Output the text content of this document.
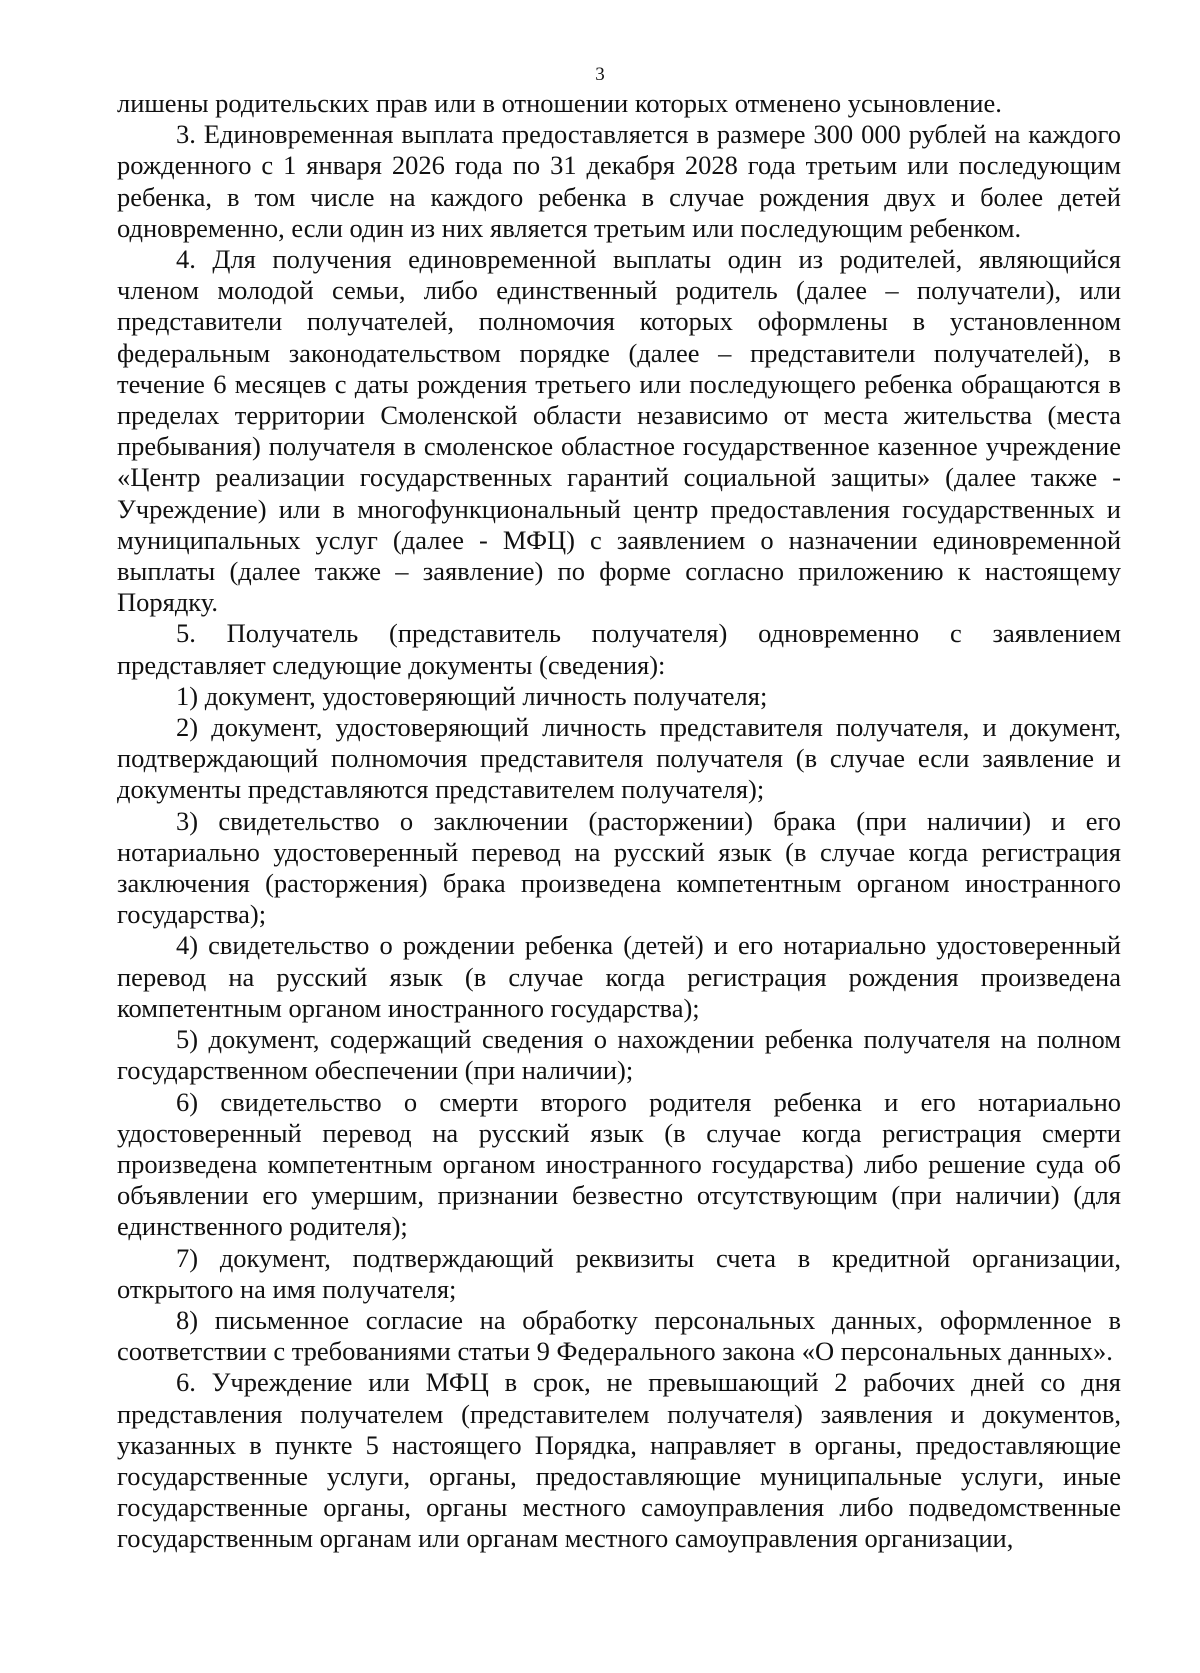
3

лишены родительских прав или в отношении которых отменено усыновление.

3. Единовременная выплата предоставляется в размере 300 000 рублей на каждого рожденного с 1 января 2026 года по 31 декабря 2028 года третьим или последующим ребенка, в том числе на каждого ребенка в случае рождения двух и более детей одновременно, если один из них является третьим или последующим ребенком.

4. Для получения единовременной выплаты один из родителей, являющийся членом молодой семьи, либо единственный родитель (далее – получатели), или представители получателей, полномочия которых оформлены в установленном федеральным законодательством порядке (далее – представители получателей), в течение 6 месяцев с даты рождения третьего или последующего ребенка обращаются в пределах территории Смоленской области независимо от места жительства (места пребывания) получателя в смоленское областное государственное казенное учреждение «Центр реализации государственных гарантий социальной защиты» (далее также - Учреждение) или в многофункциональный центр предоставления государственных и муниципальных услуг (далее - МФЦ) с заявлением о назначении единовременной выплаты (далее также – заявление) по форме согласно приложению к настоящему Порядку.

5. Получатель (представитель получателя) одновременно с заявлением представляет следующие документы (сведения):

1) документ, удостоверяющий личность получателя;

2) документ, удостоверяющий личность представителя получателя, и документ, подтверждающий полномочия представителя получателя (в случае если заявление и документы представляются представителем получателя);

3) свидетельство о заключении (расторжении) брака (при наличии) и его нотариально удостоверенный перевод на русский язык (в случае когда регистрация заключения (расторжения) брака произведена компетентным органом иностранного государства);

4) свидетельство о рождении ребенка (детей) и его нотариально удостоверенный перевод на русский язык (в случае когда регистрация рождения произведена компетентным органом иностранного государства);

5) документ, содержащий сведения о нахождении ребенка получателя на полном государственном обеспечении (при наличии);

6) свидетельство о смерти второго родителя ребенка и его нотариально удостоверенный перевод на русский язык (в случае когда регистрация смерти произведена компетентным органом иностранного государства) либо решение суда об объявлении его умершим, признании безвестно отсутствующим (при наличии) (для единственного родителя);

7) документ, подтверждающий реквизиты счета в кредитной организации, открытого на имя получателя;

8) письменное согласие на обработку персональных данных, оформленное в соответствии с требованиями статьи 9 Федерального закона «О персональных данных».

6. Учреждение или МФЦ в срок, не превышающий 2 рабочих дней со дня представления получателем (представителем получателя) заявления и документов, указанных в пункте 5 настоящего Порядка, направляет в органы, предоставляющие государственные услуги, органы, предоставляющие муниципальные услуги, иные государственные органы, органы местного самоуправления либо подведомственные государственным органам или органам местного самоуправления организации,
